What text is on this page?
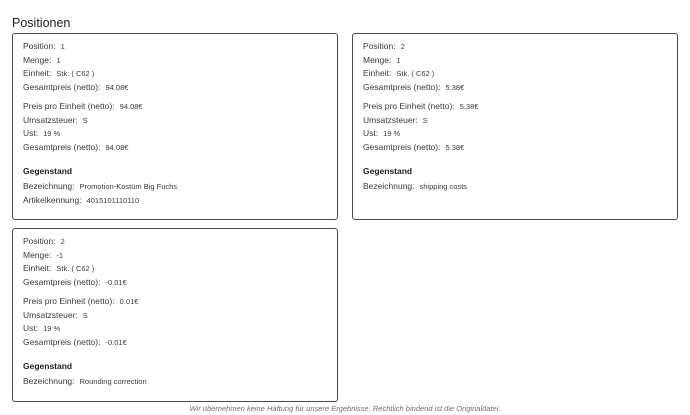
Positionen
Position: 1
Menge: 1
Einheit: Stk. ( C62 )
Gesamtpreis (netto): 94.08€
Preis pro Einheit (netto): 94.08€
Umsatzsteuer: S
Ust: 19 %
Gesamtpreis (netto): 94.08€
Gegenstand
Bezeichnung: Promotion-Kostüm Big Fuchs
Artikelkennung: 4015101110110
Position: 2
Menge: 1
Einheit: Stk. ( C62 )
Gesamtpreis (netto): 5.38€
Preis pro Einheit (netto): 5.38€
Umsatzsteuer: S
Ust: 19 %
Gesamtpreis (netto): 5.38€
Gegenstand
Bezeichnung: shipping costs
Position: 2
Menge: -1
Einheit: Stk. ( C62 )
Gesamtpreis (netto): -0.01€
Preis pro Einheit (netto): 0.01€
Umsatzsteuer: S
Ust: 19 %
Gesamtpreis (netto): -0.01€
Gegenstand
Bezeichnung: Rounding correction
Wir übernehmen keine Haftung für unsere Ergebnisse. Rechtlich bindend ist die Originaldatei.
